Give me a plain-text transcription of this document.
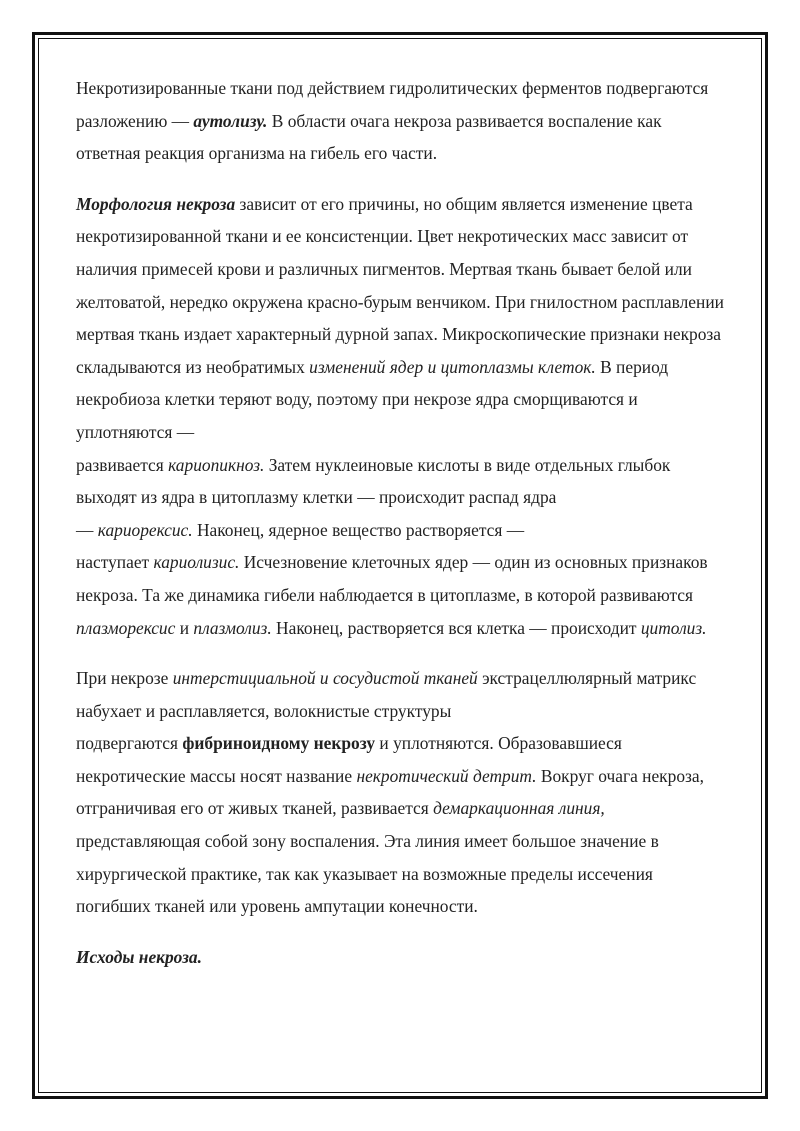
Некротизированные ткани под действием гидролитических ферментов подвергаются разложению — аутолизу. В области очага некроза развивается воспаление как ответная реакция организма на гибель его части.

Морфология некроза зависит от его причины, но общим является изменение цвета некротизированной ткани и ее консистенции. Цвет некротических масс зависит от наличия примесей крови и различных пигментов. Мертвая ткань бывает белой или желтоватой, нередко окружена красно-бурым венчиком. При гнилостном расплавлении мертвая ткань издает характерный дурной запах. Микроскопические признаки некроза складываются из необратимых изменений ядер и цитоплазмы клеток. В период некробиоза клетки теряют воду, поэтому при некрозе ядра сморщиваются и уплотняются —
развивается кариопикноз. Затем нуклеиновые кислоты в виде отдельных глыбок выходят из ядра в цитоплазму клетки — происходит распад ядра
— кариорексис. Наконец, ядерное вещество растворяется —
наступает кариолизис. Исчезновение клеточных ядер — один из основных признаков некроза. Та же динамика гибели наблюдается в цитоплазме, в которой развиваются плазморексис и плазмолиз. Наконец, растворяется вся клетка — происходит цитолиз.

При некрозе интерстициальной и сосудистой тканей экстрацеллюлярный матрикс набухает и расплавляется, волокнистые структуры
подвергаются фибриноидному некрозу и уплотняются. Образовавшиеся некротические массы носят название некротический детрит. Вокруг очага некроза, отграничивая его от живых тканей, развивается демаркационная линия, представляющая собой зону воспаления. Эта линия имеет большое значение в хирургической практике, так как указывает на возможные пределы иссечения погибших тканей или уровень ампутации конечности.

Исходы некроза.
